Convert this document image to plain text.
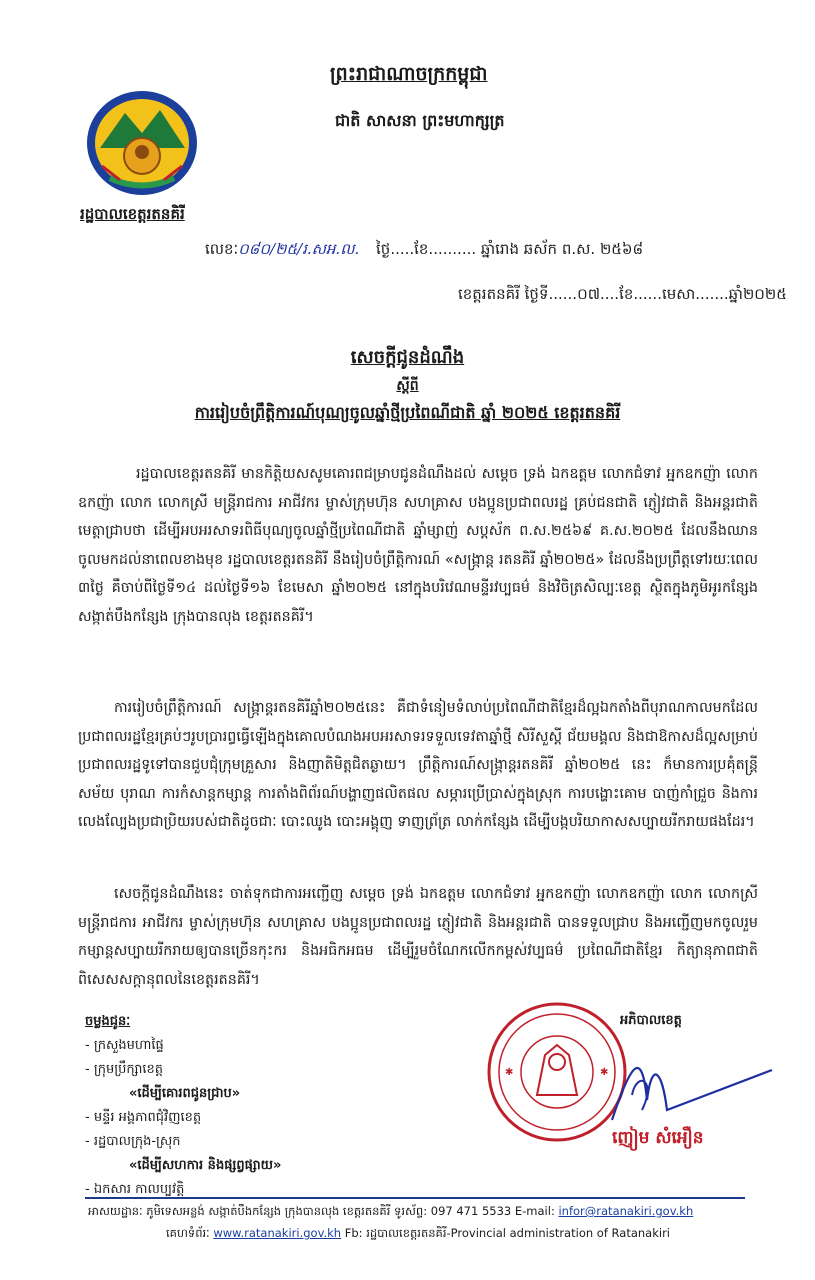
ព្រះរាជាណាចក្រកម្ពុជា
ជាតិ សាសនា ព្រះមហាក្សត្រ
រដ្ឋបាលខេត្តរតនគិរី
លេខៈ០៨០/២៥/រ.សអ.ល. ថ្ងៃ.....ខែ.......... ឆ្នាំរោង ឆស័ក ព.ស. ២៥៦៨
ខេត្តរតនគិរី ថ្ងៃទី......០៧....ខែ......មេសា.......ឆ្នាំ២០២៥
សេចក្តីជូនដំណឹង
ស្តីពី
ការរៀបចំព្រឹត្តិការណ៍បុណ្យចូលឆ្នាំថ្មីប្រពៃណីជាតិ ឆ្នាំ ២០២៥ ខេត្តរតនគិរី
រដ្ឋបាលខេត្តរតនគិរី មានកិត្តិយសសូមគោរពជម្រាបជូនដំណឹងដល់ សម្តេច ទ្រង់ ឯកឧត្តម លោកជំទាវ អ្នកឧកញ៉ា លោកឧកញ៉ា លោក លោកស្រី មន្ត្រីរាជការ អាជីវករ ម្ចាស់ក្រុមហ៊ុន សហគ្រាស បងប្អូនប្រជាពលរដ្ឋ គ្រប់ជនជាតិ ភ្ញៀវជាតិ និងអន្តរជាតិ មេត្តាជ្រាបថា ដើម្បីអបអរសាទរពិធីបុណ្យចូលឆ្នាំថ្មីប្រពៃណីជាតិ ឆ្នាំម្សាញ់ សប្តស័ក ព.ស.២៥៦៩ គ.ស.២០២៥ ដែលនឹងឈានចូលមកដល់នាពេលខាងមុខ រដ្ឋបាលខេត្តរតនគិរី នឹងរៀបចំព្រឹត្តិការណ៍ «សង្រ្កាន្ត រតនគិរី ឆ្នាំ២០២៥» ដែលនឹងប្រព្រឹត្តទៅរយៈពេល ៣ថ្ងៃ គឺចាប់ពីថ្ងៃទី១៤ ដល់ថ្ងៃទី១៦ ខែមេសា ឆ្នាំ២០២៥ នៅក្នុងបរិវេណមន្ទីរវប្បធម៌ និងវិចិត្រសិល្បៈខេត្ត ស្ថិតក្នុងភូមិអូរកន្សែង សង្កាត់បឹងកន្សែង ក្រុងបានលុង ខេត្តរតនគិរី។
ការរៀបចំព្រឹត្តិការណ៍ សង្រ្កាន្តរតនគិរីឆ្នាំ២០២៥នេះ គឺជាទំនៀមទំលាប់ប្រពៃណីជាតិខ្មែរដ៏ល្អឯកតាំងពីបុរាណកាលមកដែលប្រជាពលរដ្ឋខ្មែរគ្រប់ៗរូបប្រារព្ធធ្វើឡើងក្នុងគោលបំណងអបអរសាទរទទួលទេវតាឆ្នាំថ្មី សិរីសួស្តី ជ័យមង្គល និងជាឱកាសដ៏ល្អសម្រាប់ប្រជាពលរដ្ឋទូទៅបានជួបជុំក្រុមគ្រួសារ និងញាតិមិត្តជិតឆ្ងាយ។ ព្រឹត្តិការណ៍សង្រ្កាន្តរតនគិរី ឆ្នាំ២០២៥ នេះ ក៏មានការប្រគុំតន្ត្រីសម័យ បុរាណ ការកំសាន្តកម្សាន្ត ការតាំងពិព័រណ៍បង្ហាញផលិតផល សម្ភារប្រើប្រាស់ក្នុងស្រុក ការបង្ហោះគោម បាញ់កាំជ្រួច និងការលេងល្បែងប្រជាប្រិយរបស់ជាតិដូចជាៈ បោះឈូង បោះអង្គុញ ទាញព្រ័ត្រ លាក់កន្សែង ដើម្បីបង្កបរិយាកាសសប្បាយរីករាយផងដែរ។
សេចក្តីជូនដំណឹងនេះ ចាត់ទុកជាការអញ្ជើញ សម្តេច ទ្រង់ ឯកឧត្តម លោកជំទាវ អ្នកឧកញ៉ា លោកឧកញ៉ា លោក លោកស្រី មន្ត្រីរាជការ អាជីវករ ម្ចាស់ក្រុមហ៊ុន សហគ្រាស បងប្អូនប្រជាពលរដ្ឋ ភ្ញៀវជាតិ និងអន្តរជាតិ បានទទួលជ្រាប និងអញ្ជើញមកចូលរួមកម្សាន្តសប្បាយរីករាយឲ្យបានច្រើនកុះករ និងអធិកអធម ដើម្បីរួមចំណែកលើកកម្ពស់វប្បធម៌ ប្រពៃណីជាតិខ្មែរ កិត្យានុភាពជាតិ ពិសេសសក្តានុពលនៃខេត្តរតនគិរី។
ចម្លងជូនៈ
- ក្រសួងមហាផ្ទៃ
- ក្រុមប្រឹក្សាខេត្ត
«ដើម្បីគោរពជូនជ្រាប»
- មន្ទីរ អង្គភាពជុំវិញខេត្ត
- រដ្ឋបាលក្រុង-ស្រុក
«ដើម្បីសហការ និងផ្សព្វផ្សាយ»
- ឯកសារ កាលប្បវត្តិ
✱	✱
អភិបាលខេត្ត
ញៀម សំអឿន
អាសយដ្ឋានៈ ភូមិទេសអន្លង់ សង្កាត់បឹងកន្សែង ក្រុងបានលុង ខេត្តរតនគិរី ទូរស័ព្ទ: 097 471 5533 E-mail: infor@ratanakiri.gov.kh
គេហទំព័រៈ www.ratanakiri.gov.kh Fb: រដ្ឋបាលខេត្តរតនគិរី-Provincial administration of Ratanakiri
